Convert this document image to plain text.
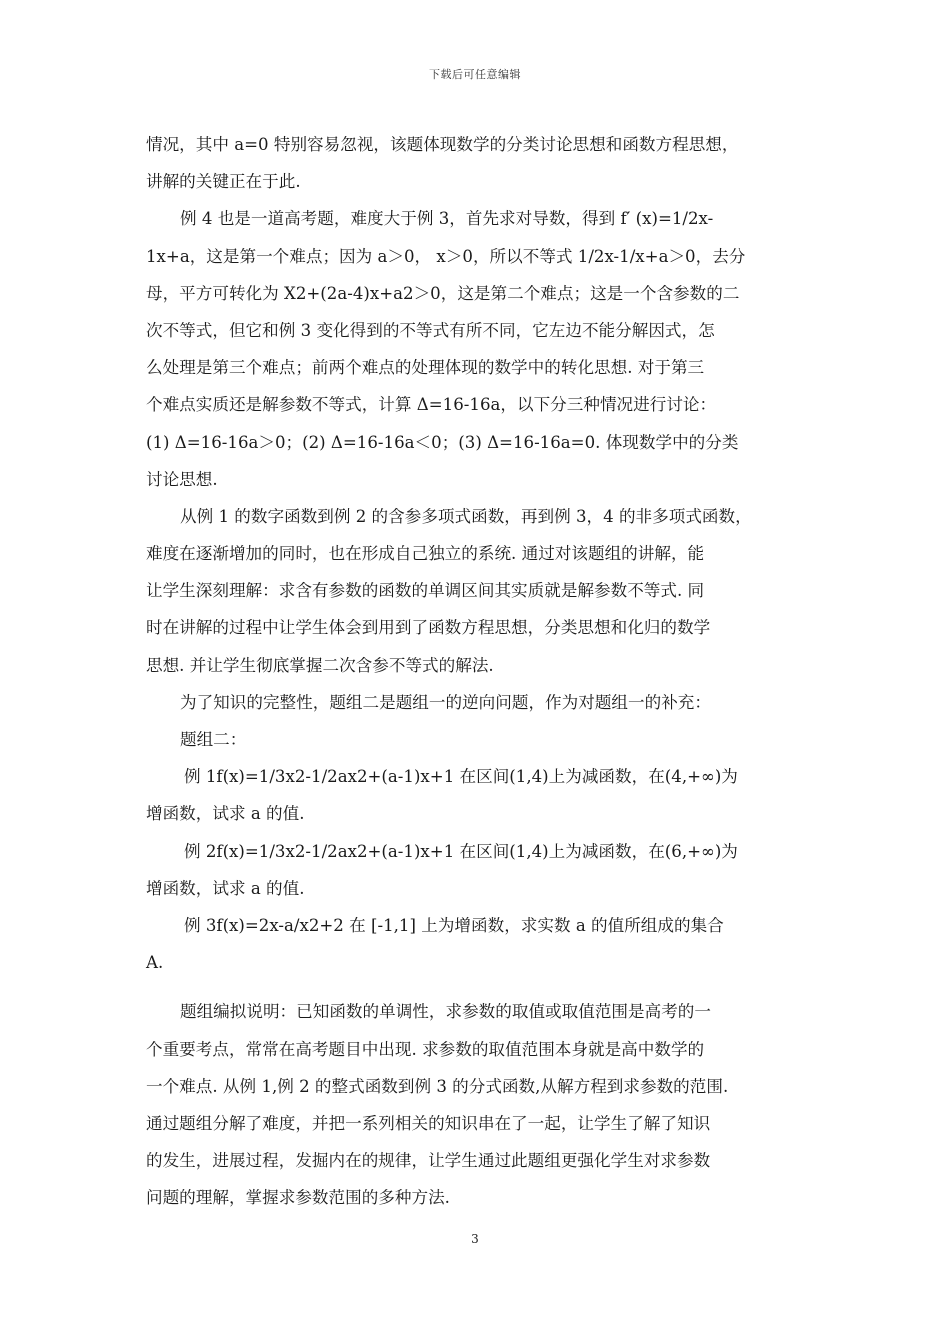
下载后可任意编辑
情况，其中 a=0 特别容易忽视，该题体现数学的分类讨论思想和函数方程思想，
讲解的关键正在于此.
例 4 也是一道高考题，难度大于例 3，首先求对导数，得到 f′ (x)=1/2x-
1x+a，这是第一个难点；因为 a＞0， x＞0，所以不等式 1/2x-1/x+a＞0，去分
母，平方可转化为 X2+(2a-4)x+a2＞0，这是第二个难点；这是一个含参数的二
次不等式，但它和例 3 变化得到的不等式有所不同，它左边不能分解因式，怎
么处理是第三个难点；前两个难点的处理体现的数学中的转化思想. 对于第三
个难点实质还是解参数不等式，计算 Δ=16-16a，以下分三种情况进行讨论：
(1) Δ=16-16a＞0；(2) Δ=16-16a＜0；(3) Δ=16-16a=0. 体现数学中的分类
讨论思想.
从例 1 的数字函数到例 2 的含参多项式函数，再到例 3，4 的非多项式函数，
难度在逐渐增加的同时，也在形成自己独立的系统. 通过对该题组的讲解，能
让学生深刻理解：求含有参数的函数的单调区间其实质就是解参数不等式. 同
时在讲解的过程中让学生体会到用到了函数方程思想，分类思想和化归的数学
思想. 并让学生彻底掌握二次含参不等式的解法.
为了知识的完整性，题组二是题组一的逆向问题，作为对题组一的补充：
题组二：
例 1f(x)=1/3x2-1/2ax2+(a-1)x+1 在区间(1,4)上为减函数，在(4,+∞)为
增函数，试求 a 的值.
例 2f(x)=1/3x2-1/2ax2+(a-1)x+1 在区间(1,4)上为减函数，在(6,+∞)为
增函数，试求 a 的值.
例 3f(x)=2x-a/x2+2 在 [-1,1] 上为增函数，求实数 a 的值所组成的集合
A.
题组编拟说明：已知函数的单调性，求参数的取值或取值范围是高考的一
个重要考点，常常在高考题目中出现. 求参数的取值范围本身就是高中数学的
一个难点. 从例 1,例 2 的整式函数到例 3 的分式函数,从解方程到求参数的范围.
通过题组分解了难度，并把一系列相关的知识串在了一起，让学生了解了知识
的发生，进展过程，发掘内在的规律，让学生通过此题组更强化学生对求参数
问题的理解，掌握求参数范围的多种方法.
3
